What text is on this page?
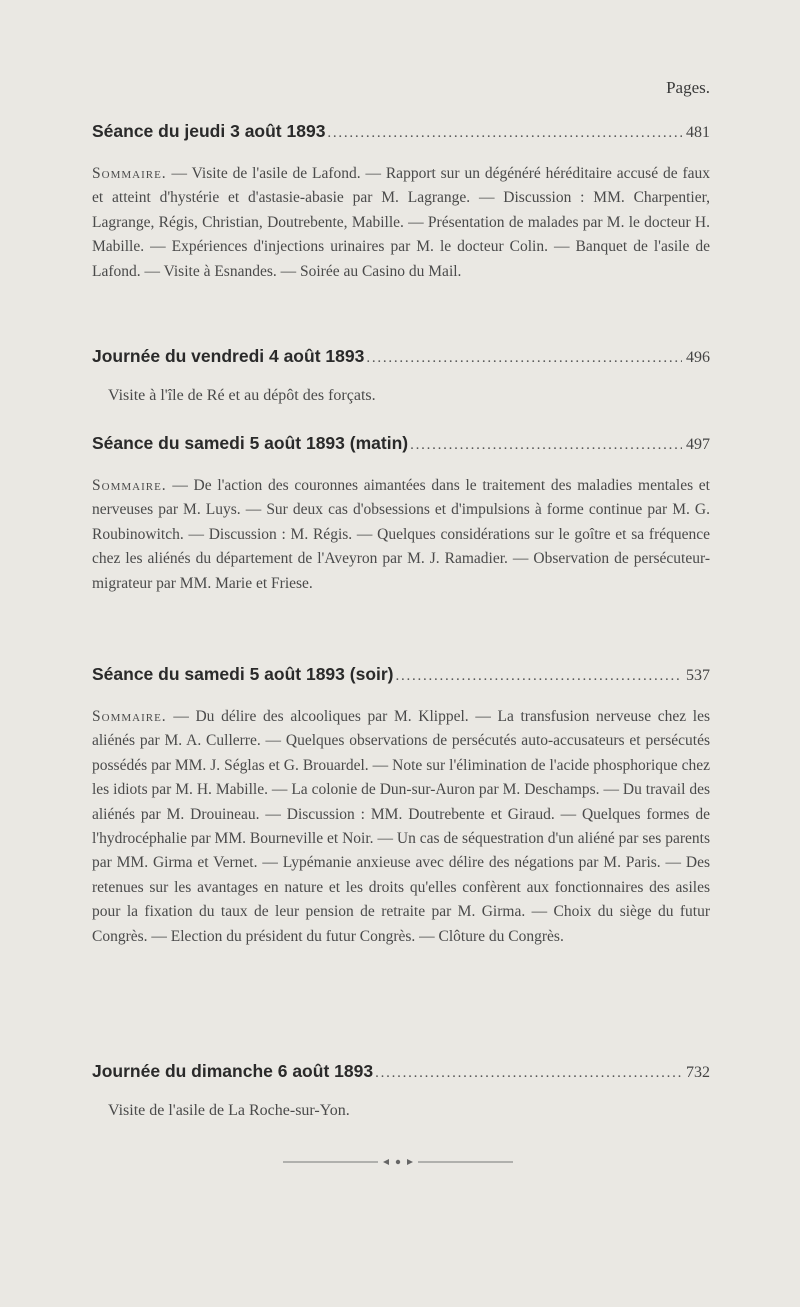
Pages.
Séance du jeudi 3 août 1893 . . .	481
Sommaire. — Visite de l'asile de Lafond. — Rapport sur un dégénéré héréditaire accusé de faux et atteint d'hystérie et d'astasie-abasie par M. Lagrange. — Discussion : MM. Charpentier, Lagrange, Régis, Christian, Doutrebente, Mabille. — Présentation de malades par M. le docteur H. Mabille. — Expériences d'injections urinaires par M. le docteur Colin. — Banquet de l'asile de Lafond. — Visite à Esnandes. — Soirée au Casino du Mail.
Journée du vendredi 4 août 1893 . . .	496
Visite à l'île de Ré et au dépôt des forçats.
Séance du samedi 5 août 1893 (matin) . . .	497
Sommaire. — De l'action des couronnes aimantées dans le traitement des maladies mentales et nerveuses par M. Luys. — Sur deux cas d'obsessions et d'impulsions à forme continue par M. G. Roubinowitch. — Discussion : M. Régis. — Quelques considérations sur le goître et sa fréquence chez les aliénés du département de l'Aveyron par M. J. Ramadier. — Observation de persécuteur-migrateur par MM. Marie et Friese.
Séance du samedi 5 août 1893 (soir) . . .	537
Sommaire. — Du délire des alcooliques par M. Klippel. — La transfusion nerveuse chez les aliénés par M. A. Cullerre. — Quelques observations de persécutés auto-accusateurs et persécutés possédés par MM. J. Séglas et G. Brouardel. — Note sur l'élimination de l'acide phosphorique chez les idiots par M. H. Mabille. — La colonie de Dun-sur-Auron par M. Deschamps. — Du travail des aliénés par M. Drouineau. — Discussion : MM. Doutrebente et Giraud. — Quelques formes de l'hydrocéphalie par MM. Bourneville et Noir. — Un cas de séquestration d'un aliéné par ses parents par MM. Girma et Vernet. — Lypémanie anxieuse avec délire des négations par M. Paris. — Des retenues sur les avantages en nature et les droits qu'elles confèrent aux fonctionnaires des asiles pour la fixation du taux de leur pension de retraite par M. Girma. — Choix du siège du futur Congrès. — Election du président du futur Congrès. — Clôture du Congrès.
Journée du dimanche 6 août 1893 . . .	732
Visite de l'asile de La Roche-sur-Yon.
